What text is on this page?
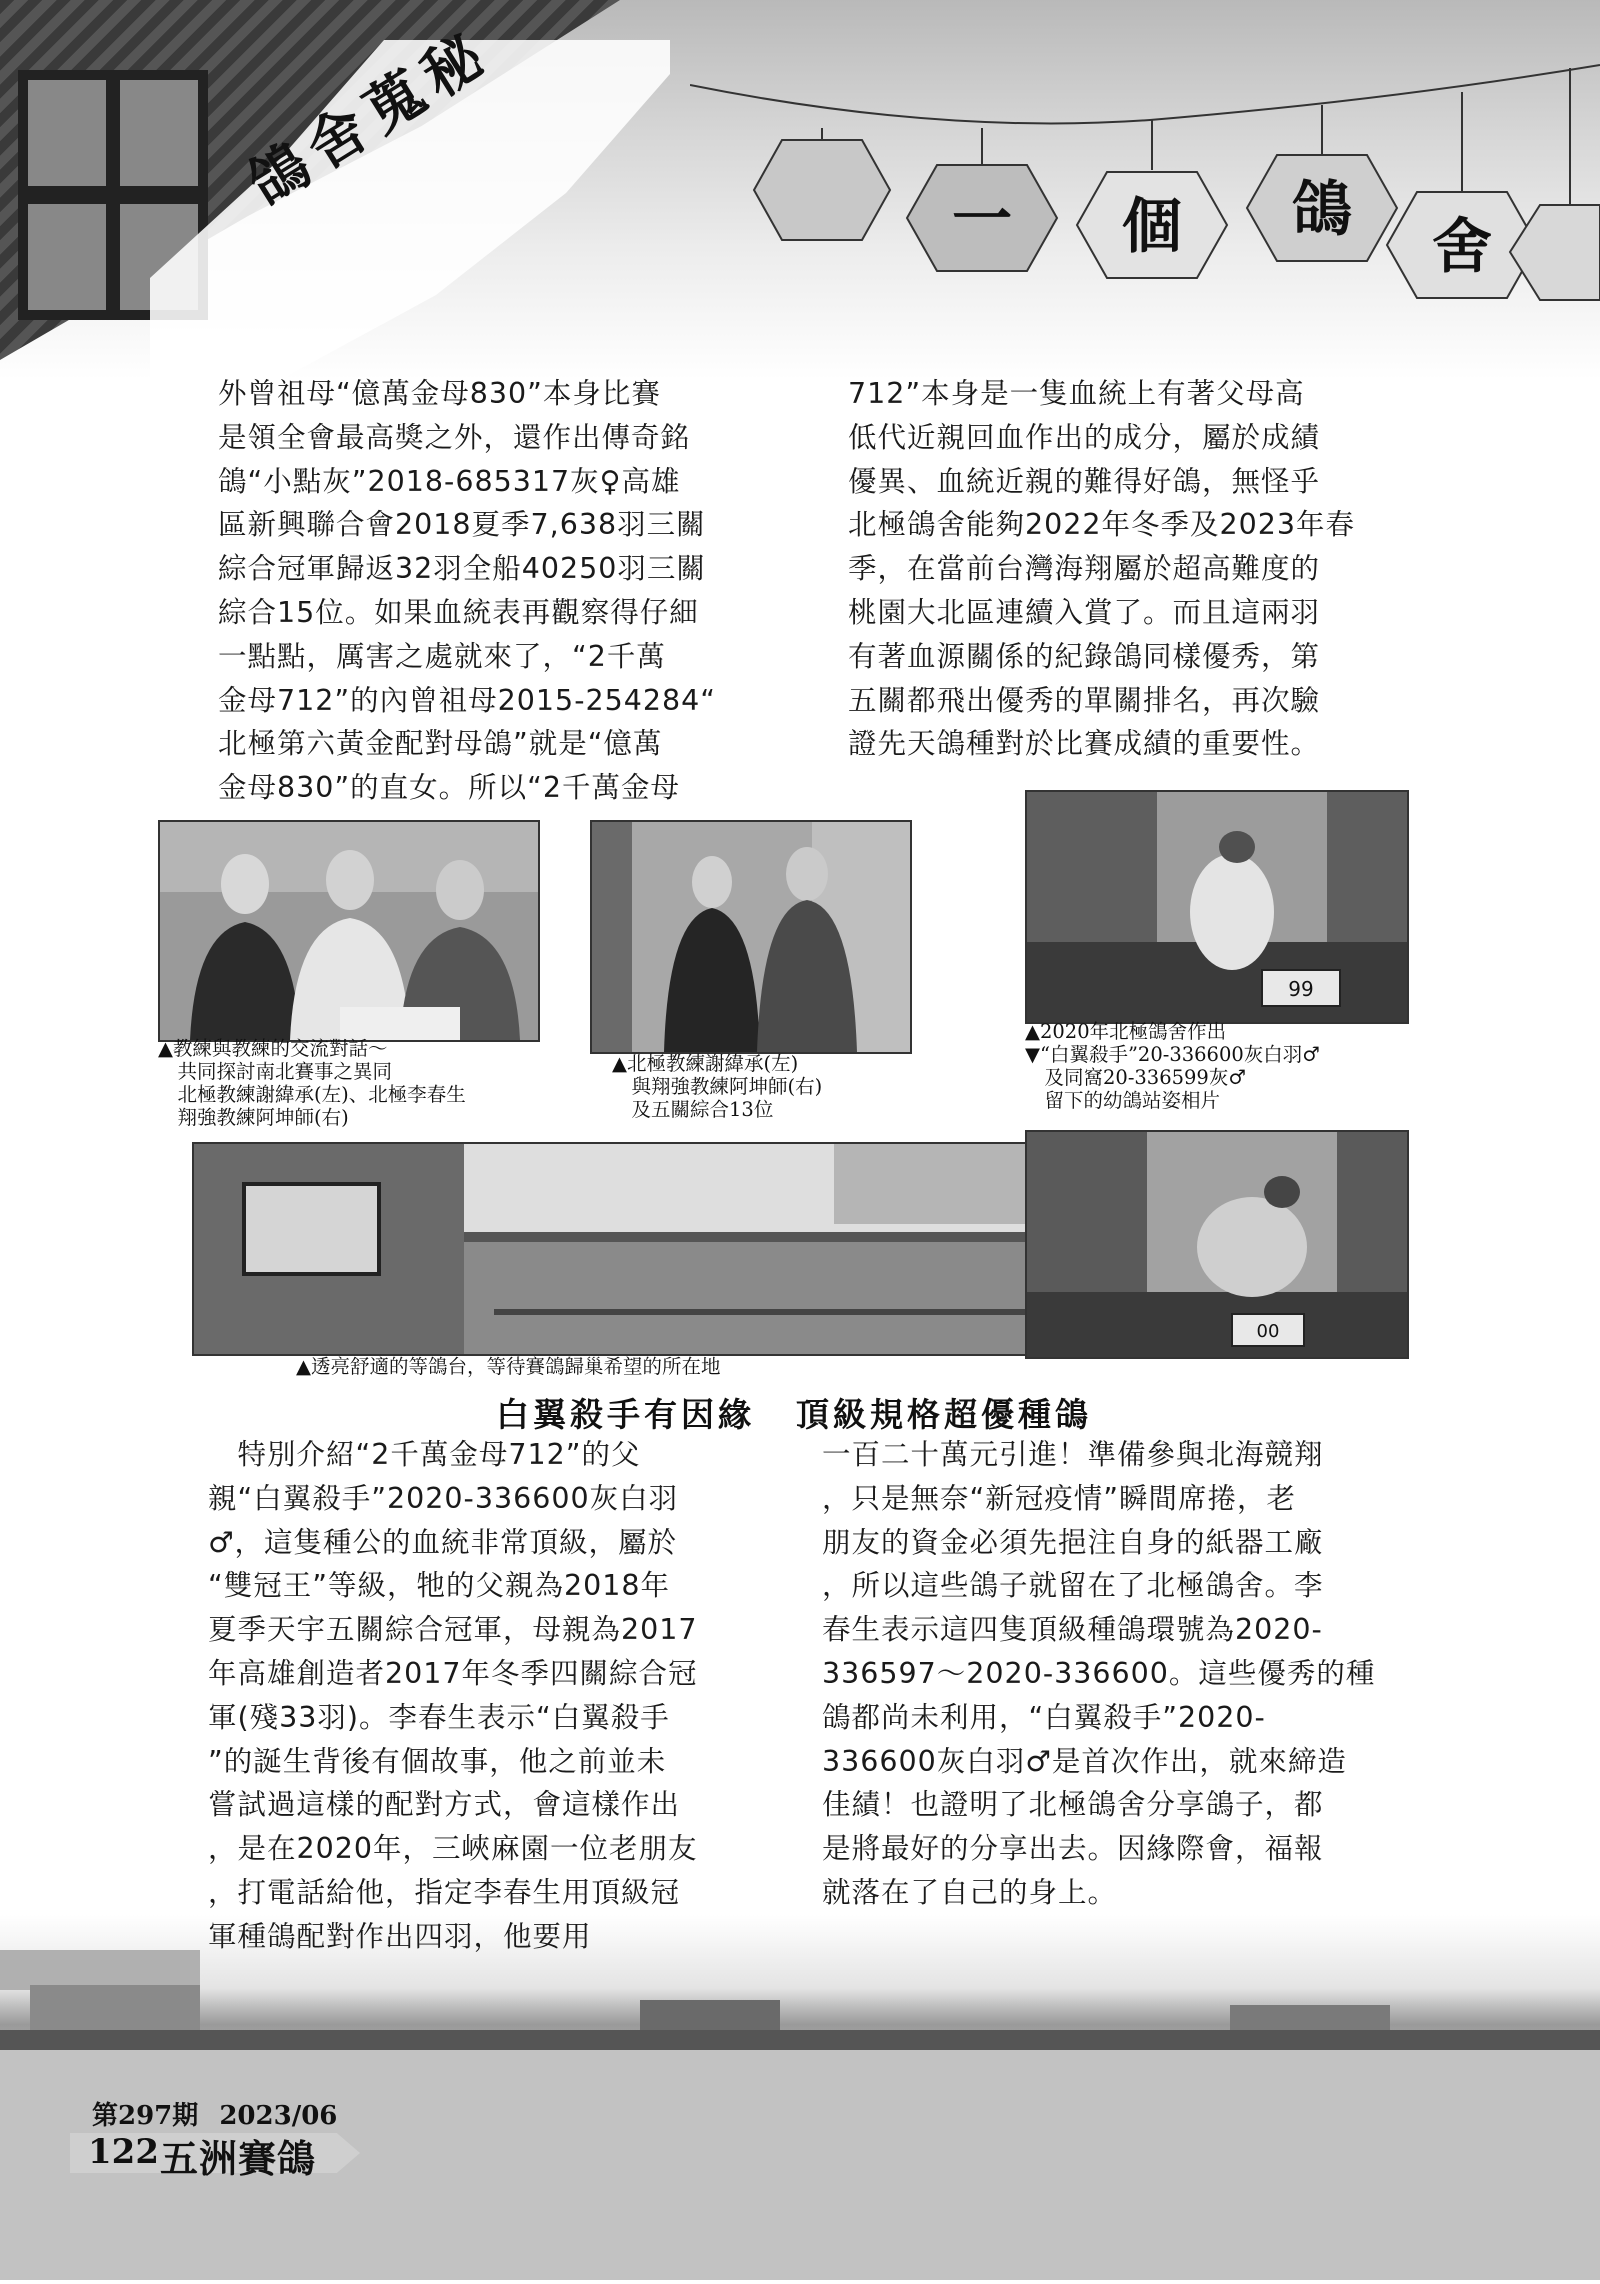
鴿舍蒐秘
一 個 鴿
舍
外曾祖母“億萬金母830”本身比賽
是領全會最高獎之外，還作出傳奇銘
鴿“小點灰”2018-685317灰♀高雄
區新興聯合會2018夏季7,638羽三關
綜合冠軍歸返32羽全船40250羽三關
綜合15位。如果血統表再觀察得仔細
一點點，厲害之處就來了，“2千萬
金母712”的內曾祖母2015-254284“
北極第六黃金配對母鴿”就是“億萬
金母830”的直女。所以“2千萬金母
712”本身是一隻血統上有著父母高
低代近親回血作出的成分，屬於成績
優異、血統近親的難得好鴿，無怪乎
北極鴿舍能夠2022年冬季及2023年春
季，在當前台灣海翔屬於超高難度的
桃園大北區連續入賞了。而且這兩羽
有著血源關係的紀錄鴿同樣優秀，第
五關都飛出優秀的單關排名，再次驗
證先天鴿種對於比賽成績的重要性。
▲教練與教練的交流對話～
　共同探討南北賽事之異同
　北極教練謝緯承(左)、北極李春生
　翔強教練阿坤師(右)
▲北極教練謝緯承(左)
　與翔強教練阿坤師(右)
　及五關綜合13位
99
▲2020年北極鴿舍作出
▼“白翼殺手”20-336600灰白羽♂
　及同窩20-336599灰♂
　留下的幼鴿站姿相片
▲透亮舒適的等鴿台，等待賽鴿歸巢希望的所在地
00
白翼殺手有因緣 頂級規格超優種鴿
第297期 2023/06
122 五洲賽鴿
　特別介紹“2千萬金母712”的父
親“白翼殺手”2020-336600灰白羽
♂，這隻種公的血統非常頂級，屬於
“雙冠王”等級，牠的父親為2018年
夏季天宇五關綜合冠軍，母親為2017
年高雄創造者2017年冬季四關綜合冠
軍(殘33羽)。李春生表示“白翼殺手
”的誕生背後有個故事，他之前並未
嘗試過這樣的配對方式，會這樣作出
，是在2020年，三峽麻園一位老朋友
，打電話給他，指定李春生用頂級冠
軍種鴿配對作出四羽，他要用
一百二十萬元引進！準備參與北海競翔
，只是無奈“新冠疫情”瞬間席捲，老
朋友的資金必須先挹注自身的紙器工廠
，所以這些鴿子就留在了北極鴿舍。李
春生表示這四隻頂級種鴿環號為2020-
336597～2020-336600。這些優秀的種
鴿都尚未利用，“白翼殺手”2020-
336600灰白羽♂是首次作出，就來締造
佳績！也證明了北極鴿舍分享鴿子，都
是將最好的分享出去。因緣際會，福報
就落在了自己的身上。
